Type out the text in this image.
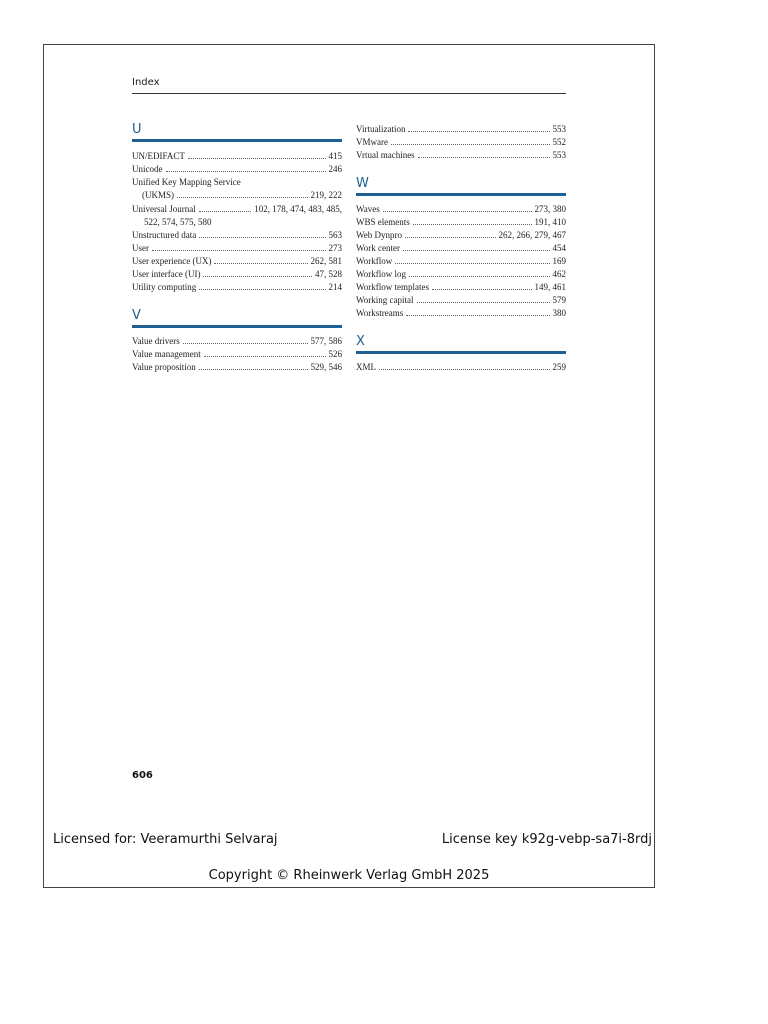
Index
U
UN/EDIFACT	415
Unicode	246
Unified Key Mapping Service
(UKMS)	219, 222
Universal Journal	102, 178, 474, 483, 485,
522, 574, 575, 580
Unstructured data	563
User	273
User experience (UX)	262, 581
User interface (UI)	47, 528
Utility computing	214
V
Value drivers	577, 586
Value management	526
Value proposition	529, 546
Virtualization	553
VMware	552
Vrtual machines	553
W
Waves	273, 380
WBS elements	191, 410
Web Dynpro	262, 266, 279, 467
Work center	454
Workflow	169
Workflow log	462
Workflow templates	149, 461
Working capital	579
Workstreams	380
X
XML	259
606
Licensed for: Veeramurthi Selvaraj	License key k92g-vebp-sa7i-8rdj
Copyright © Rheinwerk Verlag GmbH 2025
